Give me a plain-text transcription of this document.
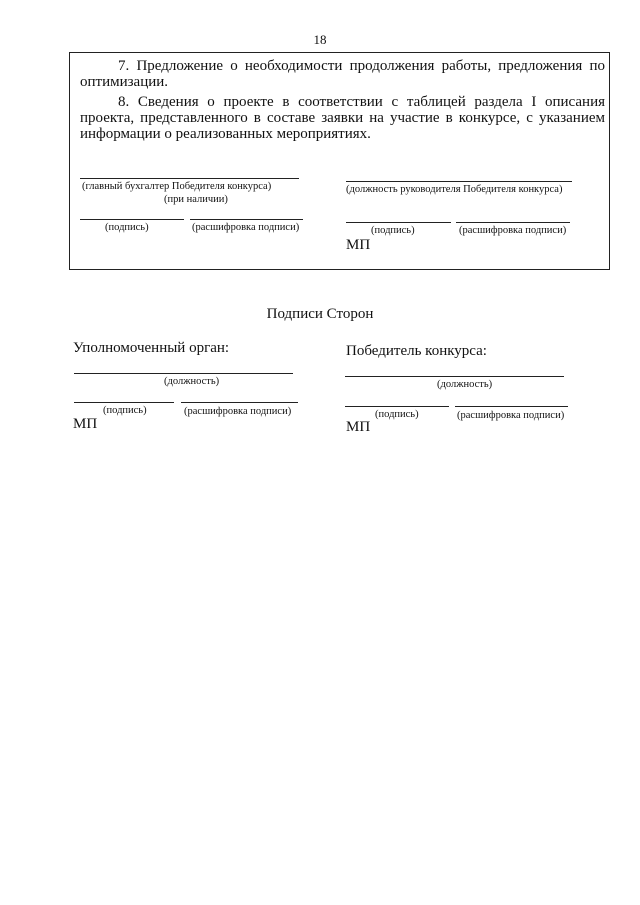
18
7. Предложение о необходимости продолжения работы, предложения по оптимизации.
8. Сведения о проекте в соответствии с таблицей раздела I описания проекта, представленного в составе заявки на участие в конкурсе, с указанием информации о реализованных мероприятиях.
(главный бухгалтер Победителя конкурса)
(при наличии)
(подпись)	(расшифровка подписи)
(должность руководителя Победителя конкурса)
(подпись)	(расшифровка подписи)
МП
Подписи Сторон
Уполномоченный орган:
(должность)
(подпись)	(расшифровка подписи)
МП
Победитель конкурса:
(должность)
(подпись)	(расшифровка подписи)
МП
